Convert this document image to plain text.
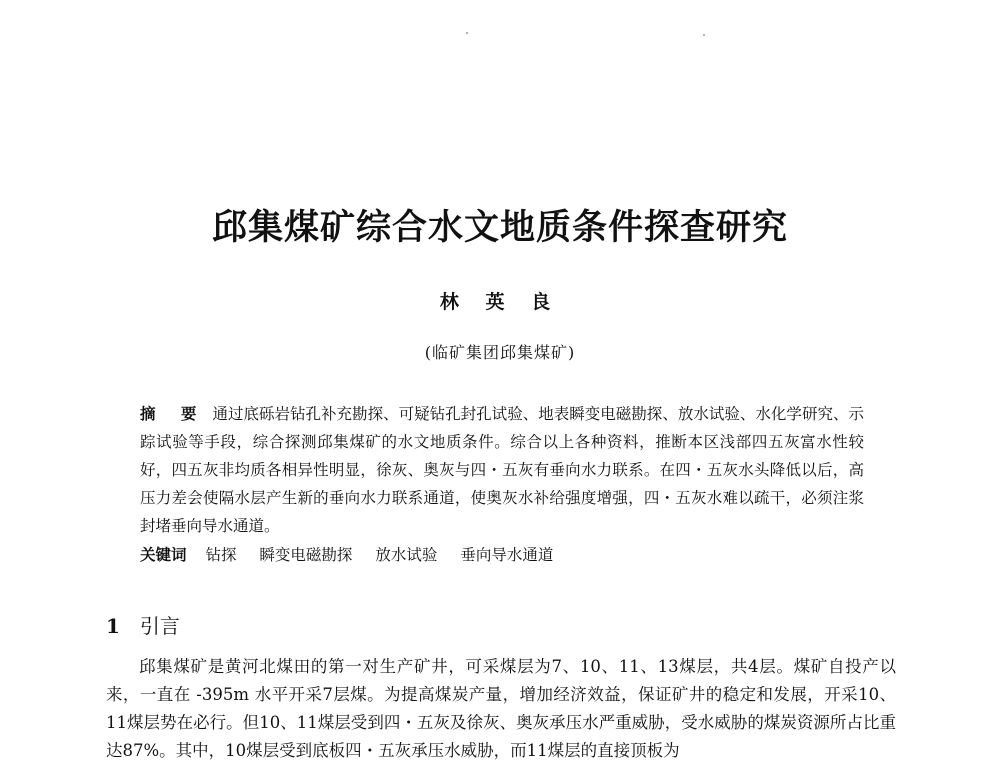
邱集煤矿综合水文地质条件探查研究
林 英 良
(临矿集团邱集煤矿)
摘 要 通过底砾岩钻孔补充勘探、可疑钻孔封孔试验、地表瞬变电磁勘探、放水试验、水化学研究、示踪试验等手段，综合探测邱集煤矿的水文地质条件。综合以上各种资料，推断本区浅部四五灰富水性较好，四五灰非均质各相异性明显，徐灰、奥灰与四・五灰有垂向水力联系。在四・五灰水头降低以后，高压力差会使隔水层产生新的垂向水力联系通道，使奥灰水补给强度增强，四・五灰水难以疏干，必须注浆封堵垂向导水通道。
关键词 钻探 瞬变电磁勘探 放水试验 垂向导水通道
1 引言
邱集煤矿是黄河北煤田的第一对生产矿井，可采煤层为7、10、11、13煤层，共4层。煤矿自投产以来，一直在 -395m 水平开采7层煤。为提高煤炭产量，增加经济效益，保证矿井的稳定和发展，开采10、11煤层势在必行。但10、11煤层受到四・五灰及徐灰、奥灰承压水严重威胁，受水威胁的煤炭资源所占比重达87%。其中，10煤层受到底板四・五灰承压水威胁，而11煤层的直接顶板为
